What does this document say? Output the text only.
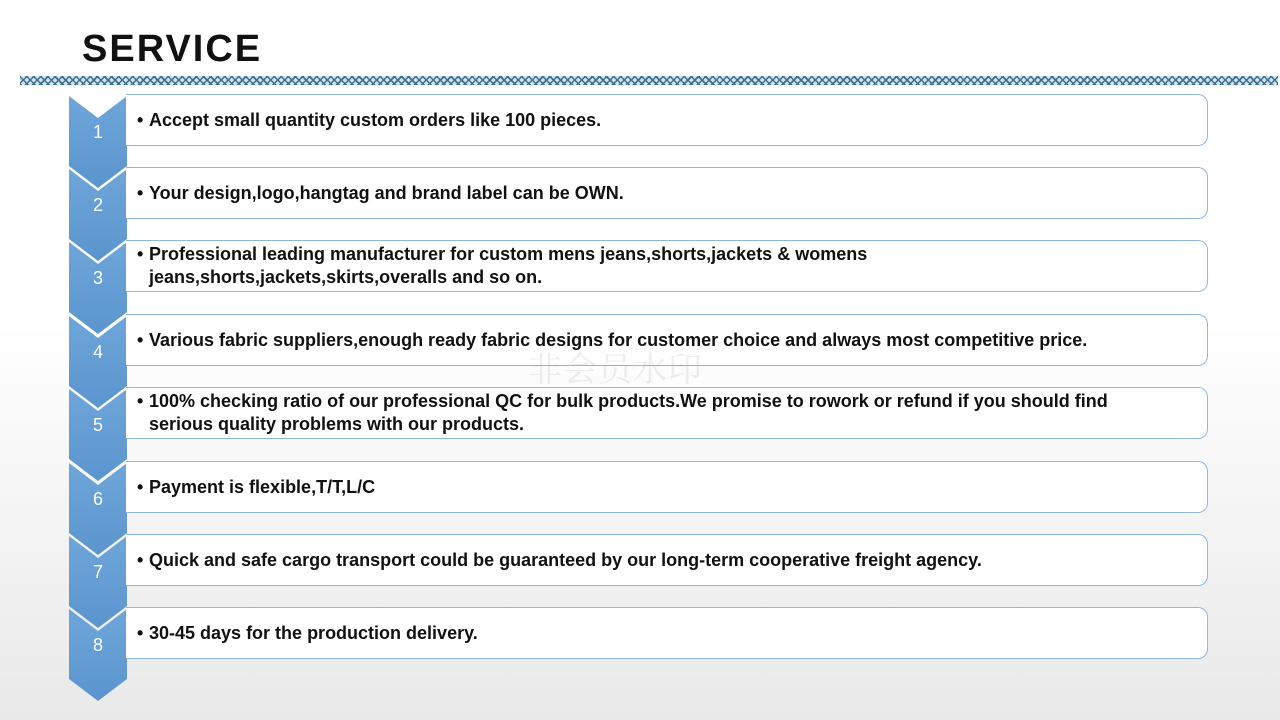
SERVICE
1
• Accept small quantity custom orders like 100 pieces.
2
• Your design,logo,hangtag and brand label can be OWN.
3
• Professional leading manufacturer for custom mens jeans,shorts,jackets & womens jeans,shorts,jackets,skirts,overalls and so on.
4
• Various fabric suppliers,enough ready fabric designs for customer choice and always most competitive price.
5
• 100% checking ratio of our professional QC for bulk products.We promise to rowork or refund if you should find serious quality problems with our products.
6
• Payment is flexible,T/T,L/C
7
• Quick and safe cargo transport could be guaranteed by our long-term cooperative freight agency.
8
• 30-45 days for the production delivery.
非会员水印
